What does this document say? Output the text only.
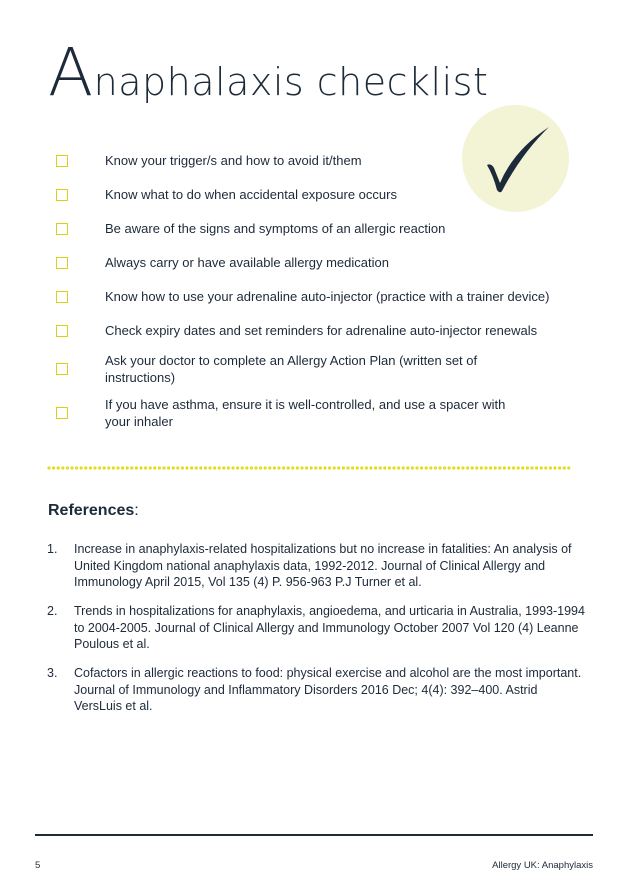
Anaphalaxis checklist
Know your trigger/s and how to avoid it/them
Know what to do when accidental exposure occurs
Be aware of the signs and symptoms of an allergic reaction
Always carry or have available allergy medication
Know how to use your adrenaline auto-injector (practice with a trainer device)
Check expiry dates and set reminders for adrenaline auto-injector renewals
Ask your doctor to complete an Allergy Action Plan (written set of instructions)
If you have asthma, ensure it is well-controlled, and use a spacer with your inhaler
References:
1. Increase in anaphylaxis-related hospitalizations but no increase in fatalities: An analysis of United Kingdom national anaphylaxis data, 1992-2012. Journal of Clinical Allergy and Immunology April 2015, Vol 135 (4) P. 956-963 P.J Turner et al.
2. Trends in hospitalizations for anaphylaxis, angioedema, and urticaria in Australia, 1993-1994 to 2004-2005. Journal of Clinical Allergy and Immunology October 2007 Vol 120 (4) Leanne Poulous et al.
3. Cofactors in allergic reactions to food: physical exercise and alcohol are the most important. Journal of Immunology and Inflammatory Disorders 2016 Dec; 4(4): 392–400. Astrid VersLuis et al.
5	Allergy UK: Anaphylaxis
